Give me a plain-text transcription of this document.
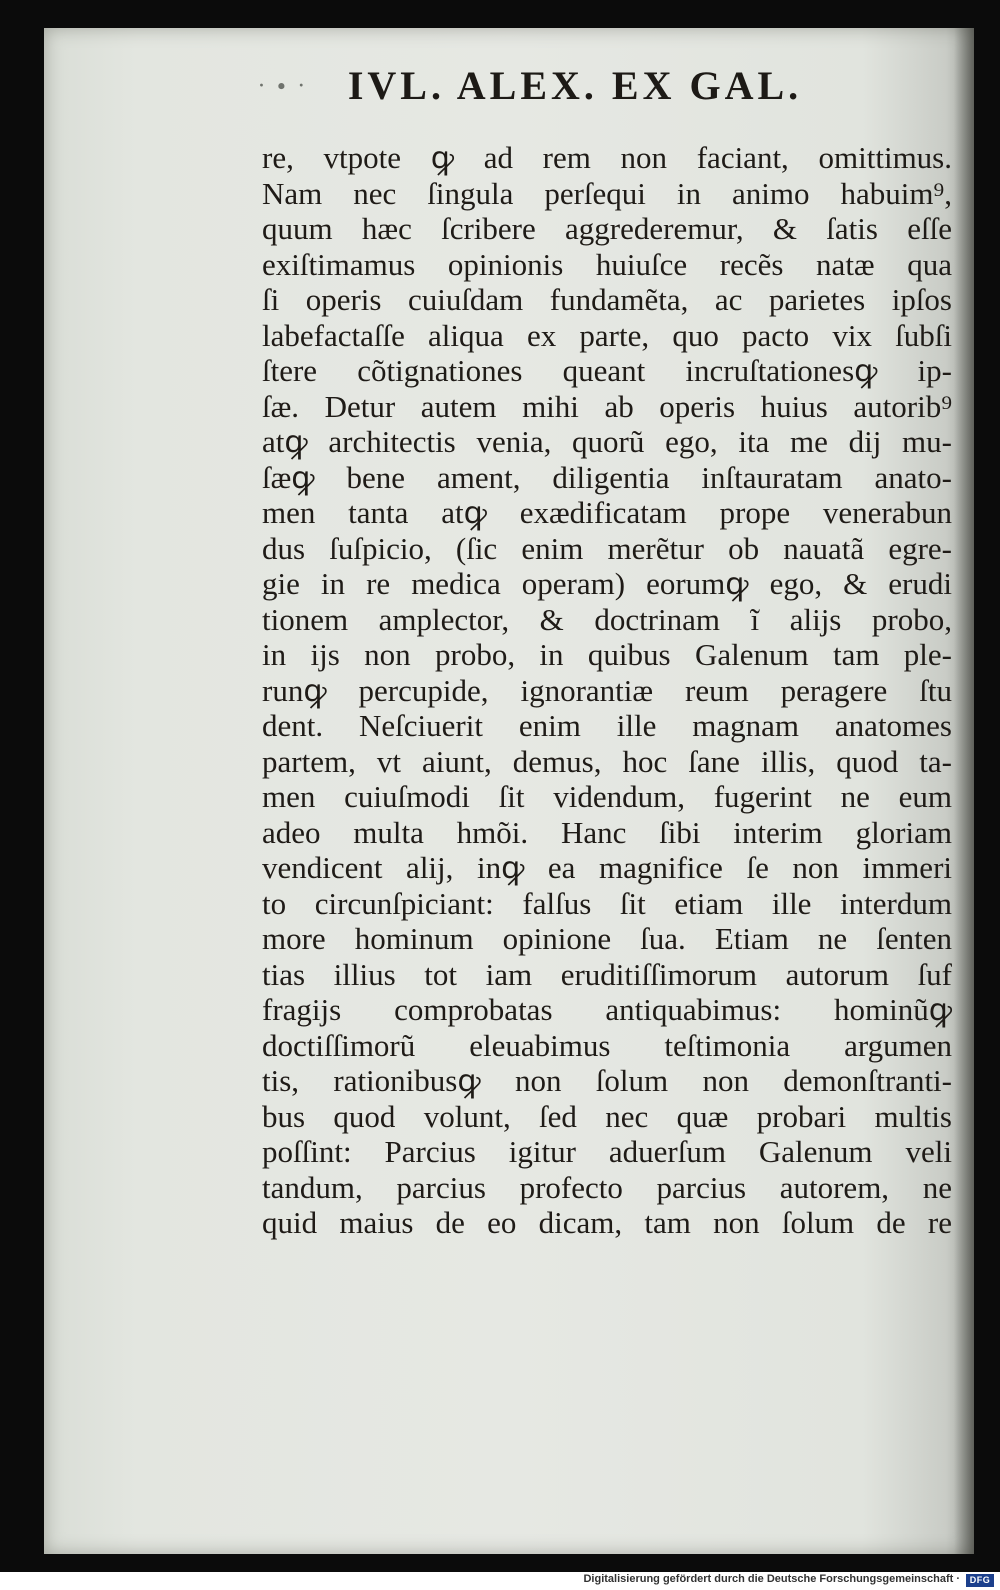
· ∙ ·	IVL. ALEX. EX GAL.
re, vtpote ꝙ ad rem non faciant, omittimus.
Nam nec ſingula perſequi in animo habuim⁹,
quum hæc ſcribere aggrederemur, & ſatis eſſe
exiſtimamus opinionis huiuſce recẽs natæ qua
ſi operis cuiuſdam fundamẽta, ac parietes ipſos
labefactaſſe aliqua ex parte, quo pacto vix ſubſi
ſtere cõtignationes queant incruſtationesꝙ ip-
ſæ. Detur autem mihi ab operis huius autorib⁹
atꝙ architectis venia, quorũ ego, ita me dij mu-
ſæꝙ bene ament, diligentia inſtauratam anato-
men tanta atꝙ exædificatam prope venerabun
dus ſuſpicio, (ſic enim merẽtur ob nauatã egre-
gie in re medica operam) eorumꝙ ego, & erudi
tionem amplector, & doctrinam ĩ alijs probo,
in ijs non probo, in quibus Galenum tam ple-
runꝙ percupide, ignorantiæ reum peragere ſtu
dent. Neſciuerit enim ille magnam anatomes
partem, vt aiunt, demus, hoc ſane illis, quod ta-
men cuiuſmodi ſit videndum, fugerint ne eum
adeo multa hmõi. Hanc ſibi interim gloriam
vendicent alij, inꝙ ea magnifice ſe non immeri
to circunſpiciant: falſus ſit etiam ille interdum
more hominum opinione ſua. Etiam ne ſenten
tias illius tot iam eruditiſſimorum autorum ſuf
fragijs comprobatas antiquabimus: hominũꝙ
doctiſſimorũ eleuabimus teſtimonia argumen
tis, rationibusꝙ non ſolum non demonſtranti-
bus quod volunt, ſed nec quæ probari multis
poſſint: Parcius igitur aduerſum Galenum veli
tandum, parcius profecto parcius autorem, ne
quid maius de eo dicam, tam non ſolum de re
Digitalisierung gefördert durch die Deutsche Forschungsgemeinschaft ·	DFG
